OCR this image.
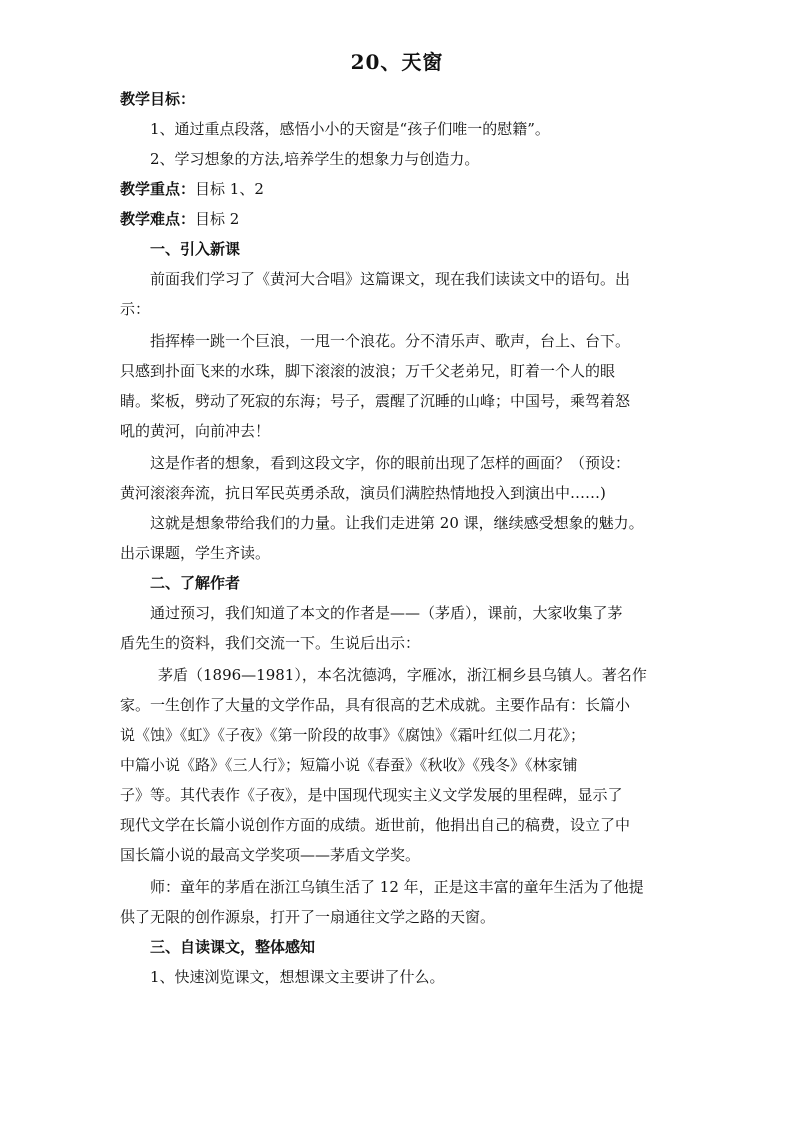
20、天窗
教学目标：
1、通过重点段落，感悟小小的天窗是“孩子们唯一的慰籍”。
2、学习想象的方法,培养学生的想象力与创造力。
教学重点：目标 1、2
教学难点：目标 2
一、引入新课
前面我们学习了《黄河大合唱》这篇课文，现在我们读读文中的语句。出
示：
指挥棒一跳一个巨浪，一甩一个浪花。分不清乐声、歌声，台上、台下。
只感到扑面飞来的水珠，脚下滚滚的波浪；万千父老弟兄，盯着一个人的眼
睛。桨板，劈动了死寂的东海；号子，震醒了沉睡的山峰；中国号，乘驾着怒
吼的黄河，向前冲去！
这是作者的想象，看到这段文字，你的眼前出现了怎样的画面？（预设：
黄河滚滚奔流，抗日军民英勇杀敌，演员们满腔热情地投入到演出中……)
这就是想象带给我们的力量。让我们走进第 20 课，继续感受想象的魅力。
出示课题，学生齐读。
二、了解作者
通过预习，我们知道了本文的作者是——（茅盾），课前，大家收集了茅
盾先生的资料，我们交流一下。生说后出示：
茅盾（1896—1981），本名沈德鸿，字雁冰，浙江桐乡县乌镇人。著名作
家。一生创作了大量的文学作品，具有很高的艺术成就。主要作品有：长篇小
说《蚀》《虹》《子夜》《第一阶段的故事》《腐蚀》《霜叶红似二月花》；
中篇小说《路》《三人行》；短篇小说《春蚕》《秋收》《残冬》《林家铺
子》等。其代表作《子夜》，是中国现代现实主义文学发展的里程碑，显示了
现代文学在长篇小说创作方面的成绩。逝世前，他捐出自己的稿费，设立了中
国长篇小说的最高文学奖项——茅盾文学奖。
师：童年的茅盾在浙江乌镇生活了 12 年，正是这丰富的童年生活为了他提
供了无限的创作源泉，打开了一扇通往文学之路的天窗。
三、自读课文，整体感知
1、快速浏览课文，想想课文主要讲了什么。
